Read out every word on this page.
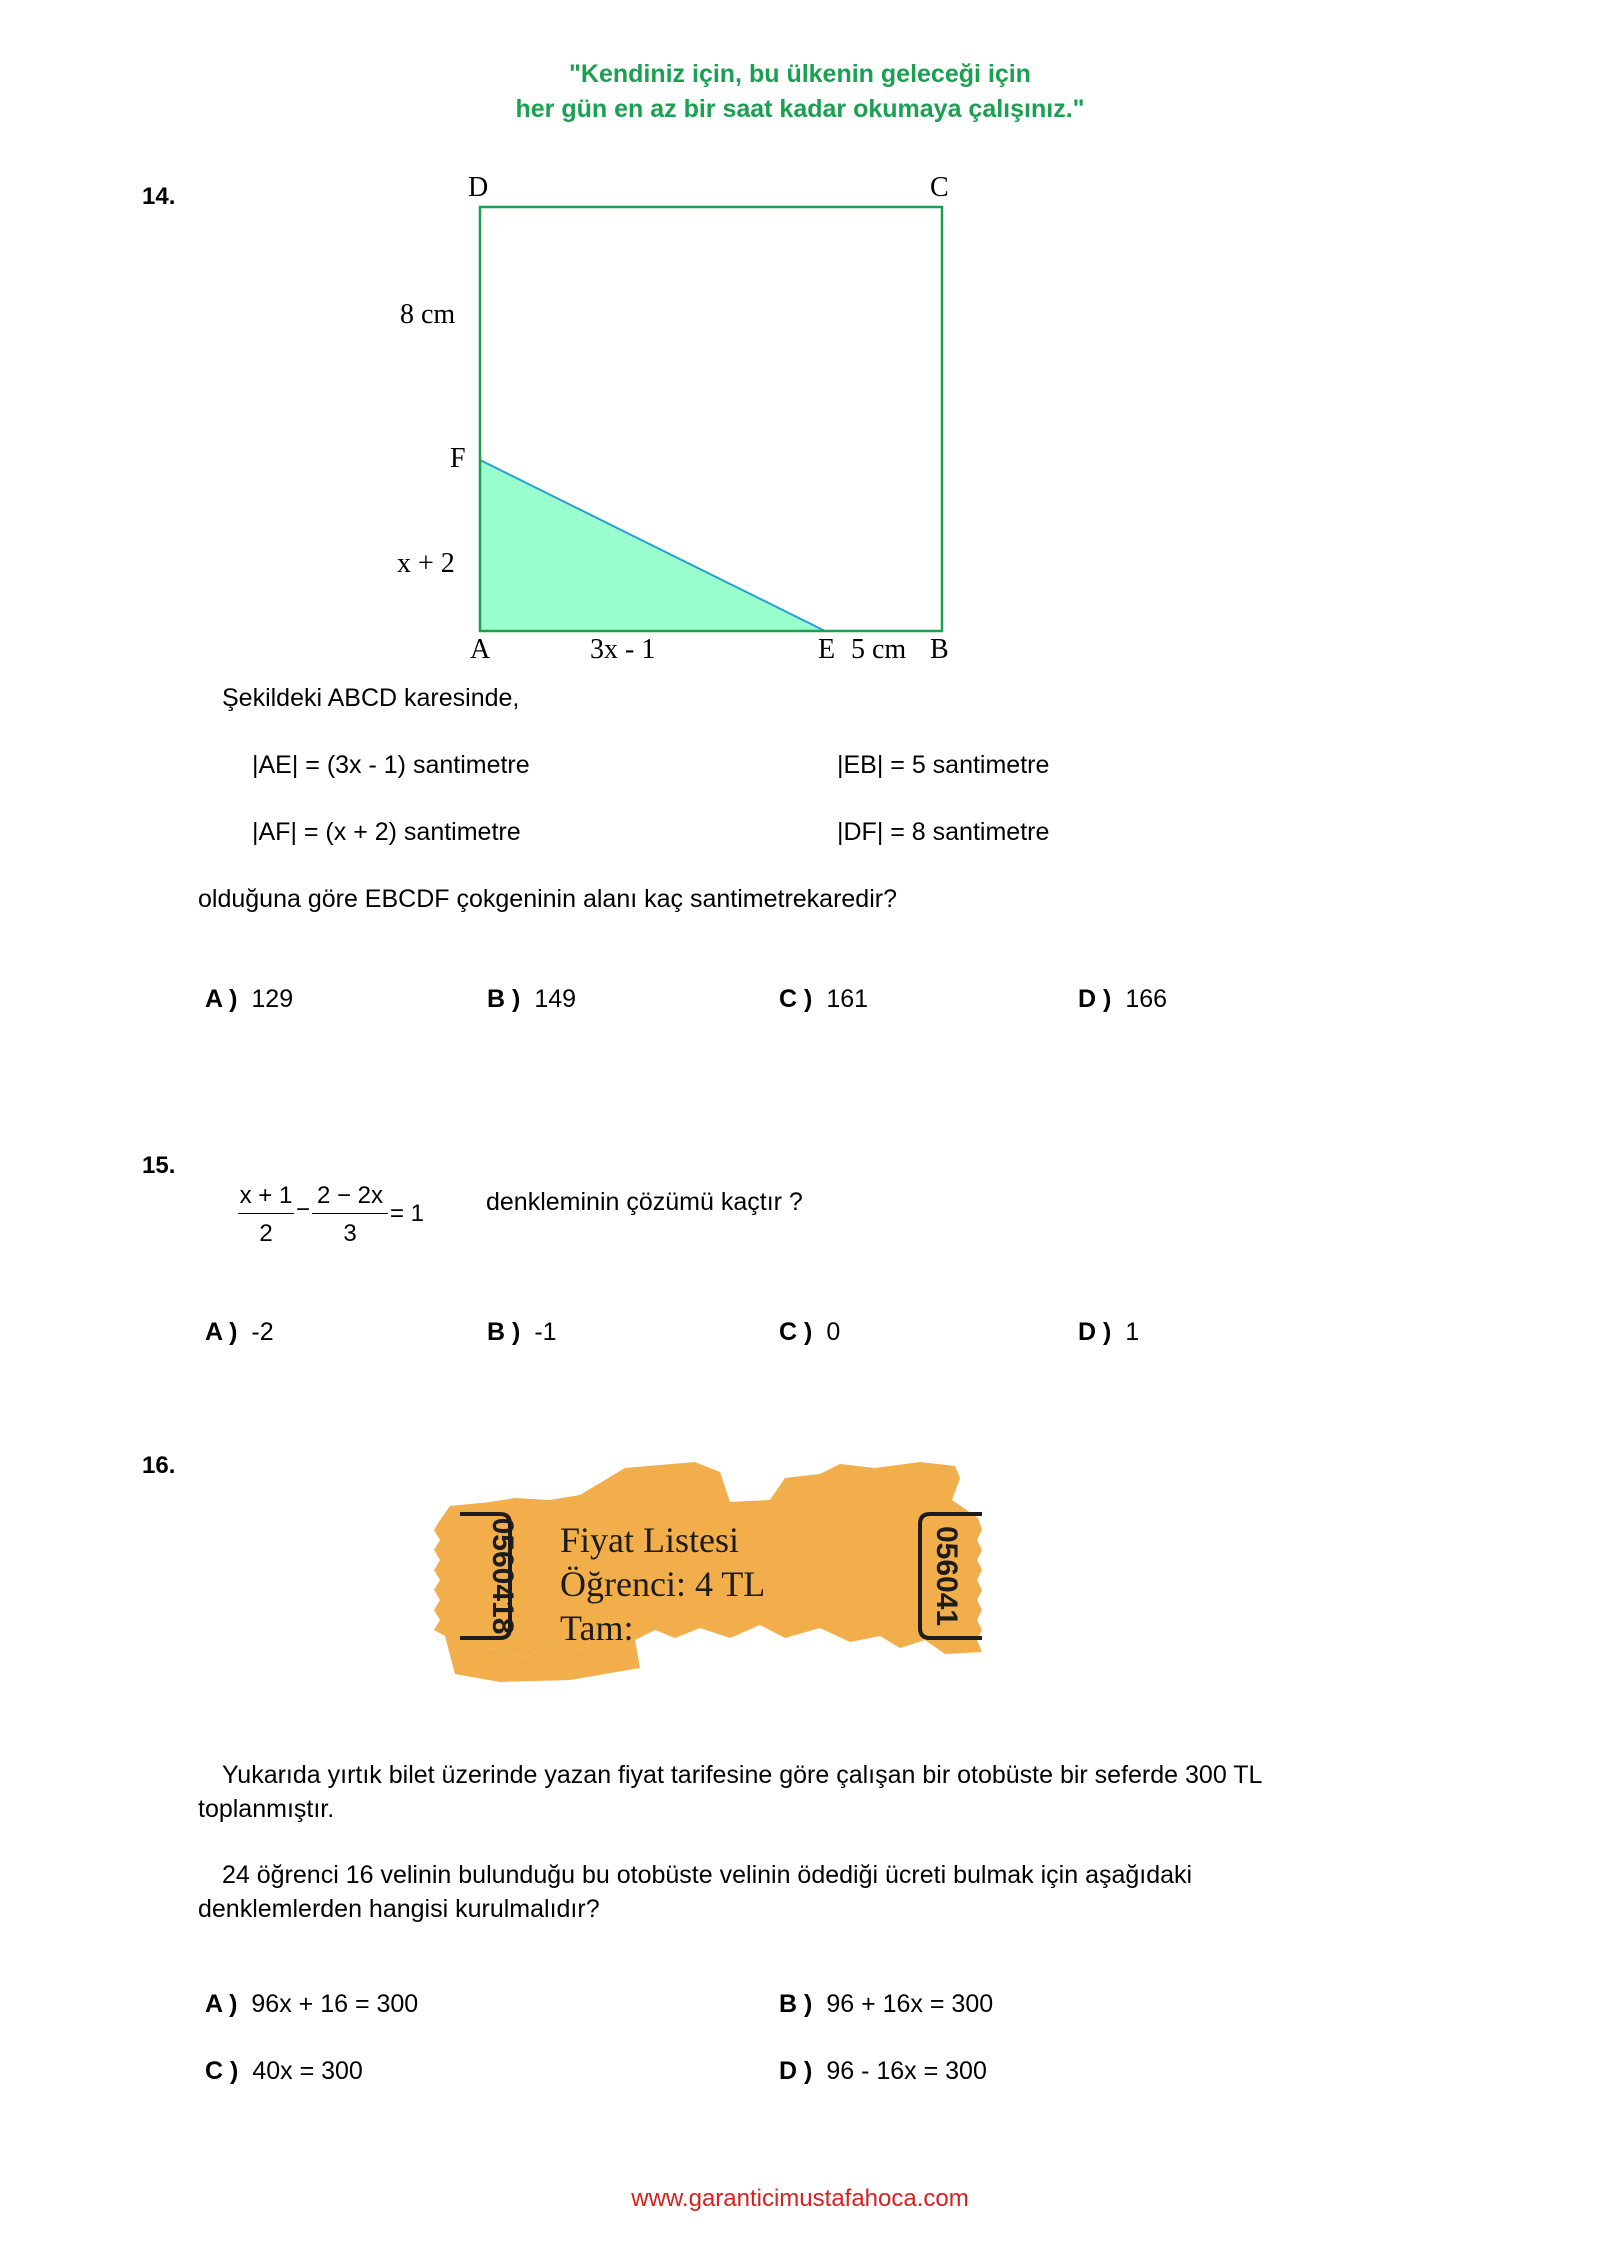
"Kendiniz için, bu ülkenin geleceği için
her gün en az bir saat kadar okumaya çalışınız."
14.	D	C
8 cm
F
x + 2
A	3x - 1	E 5 cm B
Şekildeki ABCD karesinde,
|AE| = (3x - 1) santimetre	|EB| = 5 santimetre
|AF| = (x + 2) santimetre	|DF| = 8 santimetre
olduğuna göre EBCDF çokgeninin alanı kaç santimetrekaredir?
A ) 129	B ) 149	C ) 161	D ) 166
15.
x + 1
2
−
2 − 2x
3
= 1 denkleminin çözümü kaçtır ?
A ) -2	B ) -1	C ) 0	D ) 1
16.
0560418	056041
Fiyat Listesi
Öğrenci: 4 TL
Tam:
Yukarıda yırtık bilet üzerinde yazan fiyat tarifesine göre çalışan bir otobüste bir seferde 300 TL
toplanmıştır.
24 öğrenci 16 velinin bulunduğu bu otobüste velinin ödediği ücreti bulmak için aşağıdaki
denklemlerden hangisi kurulmalıdır?
A ) 96x + 16 = 300	B ) 96 + 16x = 300
C ) 40x = 300	D ) 96 - 16x = 300
www.garanticimustafahoca.com
